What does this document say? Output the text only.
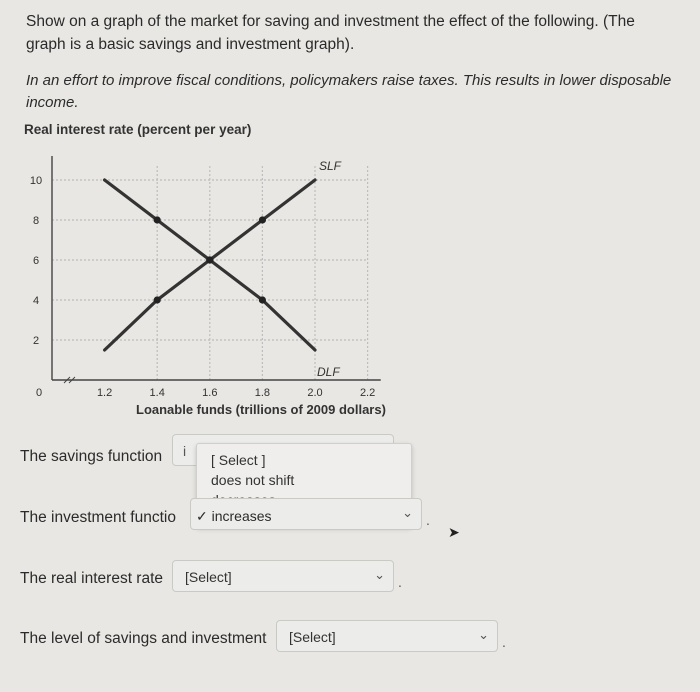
Show on a graph of the market for saving and investment the effect of the following. (The graph is a basic savings and investment graph).
In an effort to improve fiscal conditions, policymakers raise taxes. This results in lower disposable income.
Real interest rate (percent per year)
10
8
6
4
2
1.2	1.4	1.6	1.8	2.0	2.2
SLF
DLF
0
Loanable funds (trillions of 2009 dollars)
The savings function i
[ Select ]
does not shift
The investment functio	⌄
✓ increases	.
➤
The real interest rate [Select]	⌄ .
The level of savings and investment [Select]	⌄ .
